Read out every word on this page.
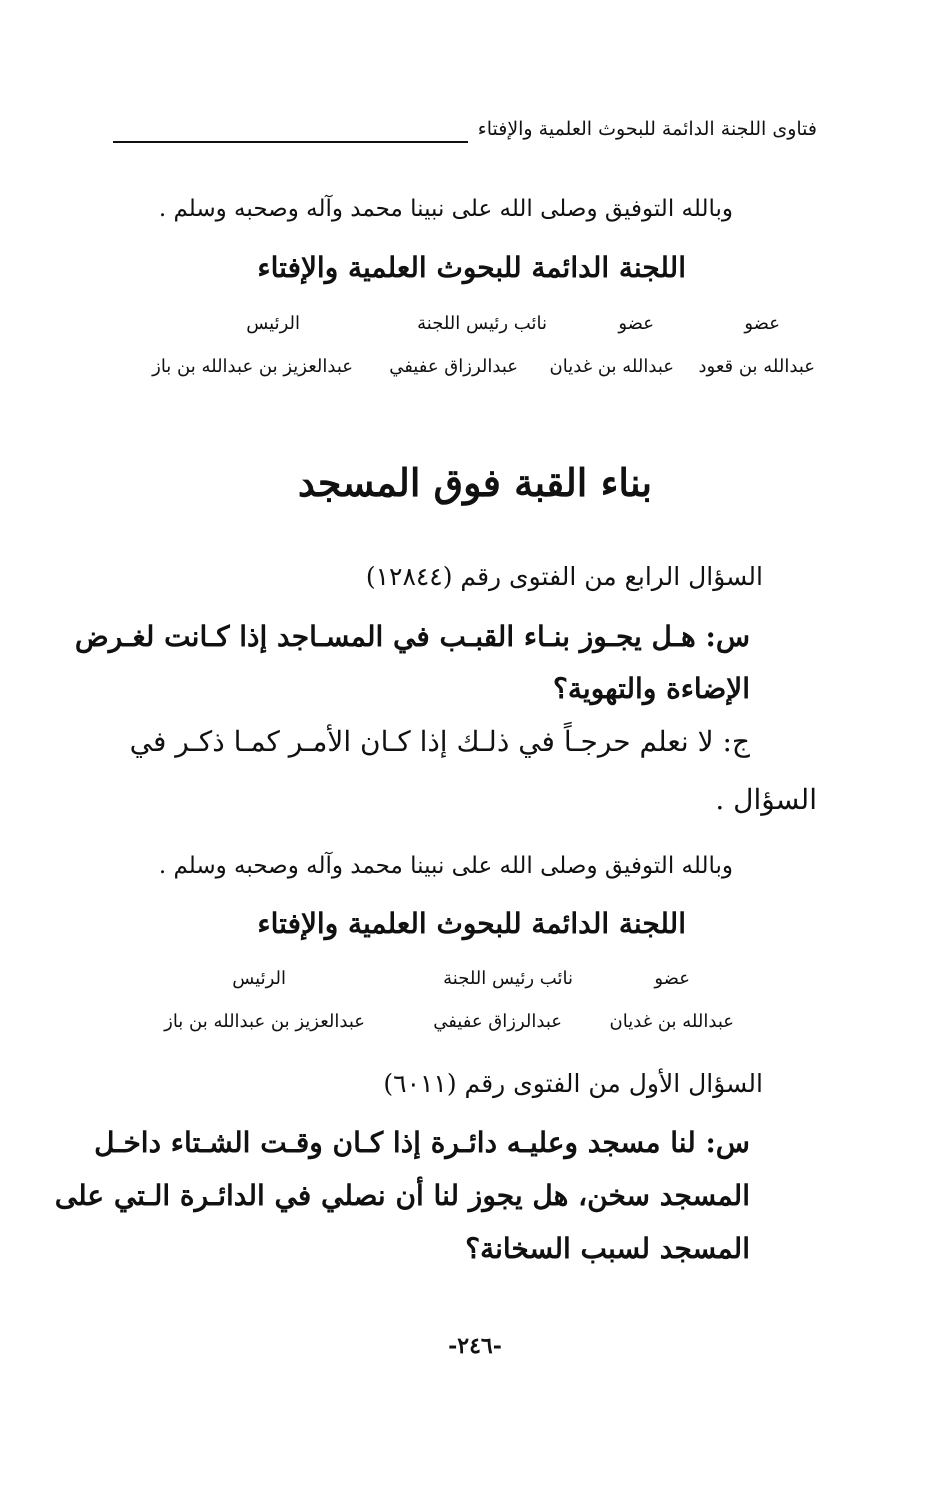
فتاوى اللجنة الدائمة للبحوث العلمية والإفتاء
وبالله التوفيق وصلى الله على نبينا محمد وآله وصحبه وسلم .
اللجنة الدائمة للبحوث العلمية والإفتاء
عضو
عضو
نائب رئيس اللجنة
الرئيس
عبدالله بن قعود
عبدالله بن غديان
عبدالرزاق عفيفي
عبدالعزيز بن عبدالله بن باز
بناء القبة فوق المسجد
السؤال الرابع من الفتوى رقم (١٢٨٤٤)
س: هـل يجـوز بنـاء القبـب في المسـاجد إذا كـانت لغـرض
الإضاءة والتهوية؟
ج: لا نعلم حرجـاً في ذلـك إذا كـان الأمـر كمـا ذكـر في
السؤال .
وبالله التوفيق وصلى الله على نبينا محمد وآله وصحبه وسلم .
اللجنة الدائمة للبحوث العلمية والإفتاء
عضو
نائب رئيس اللجنة
الرئيس
عبدالله بن غديان
عبدالرزاق عفيفي
عبدالعزيز بن عبدالله بن باز
السؤال الأول من الفتوى رقم (٦٠١١)
س: لنا مسجد وعليـه دائـرة إذا كـان وقـت الشـتاء داخـل
المسجد سخن، هل يجوز لنا أن نصلي في الدائـرة الـتي على
المسجد لسبب السخانة؟
-٢٤٦-
